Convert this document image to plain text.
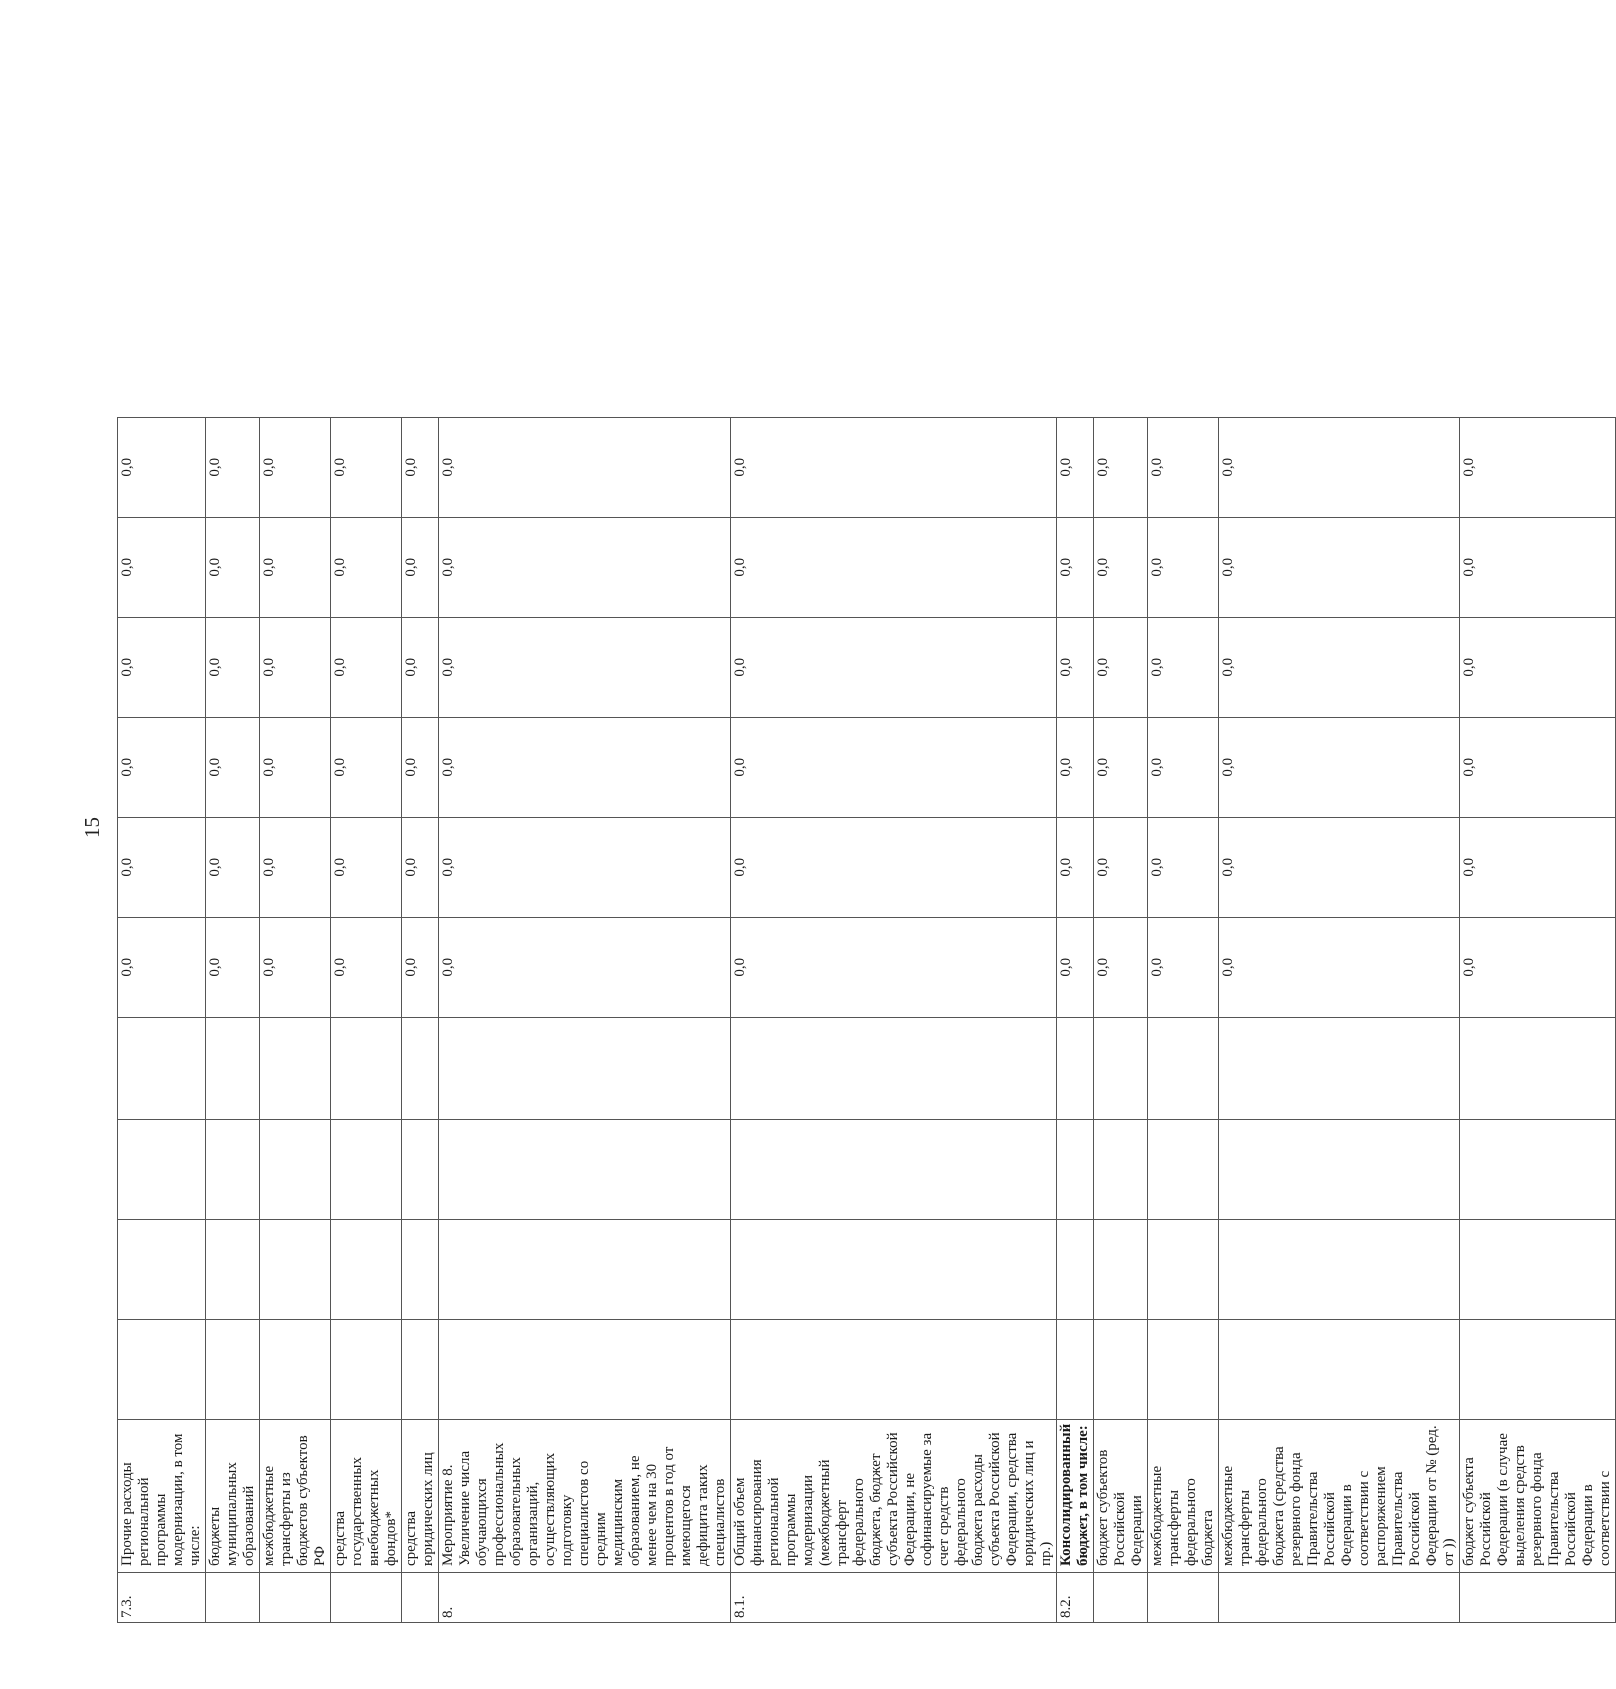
15
7.3.	Прочие расходы региональной программы модернизации, в том числе:					0,0	0,0	0,0	0,0	0,0	0,0
	бюджеты муниципальных образований					0,0	0,0	0,0	0,0	0,0	0,0
	межбюджетные трансферты из бюджетов субъектов РФ					0,0	0,0	0,0	0,0	0,0	0,0
	средства государственных внебюджетных фондов*					0,0	0,0	0,0	0,0	0,0	0,0
	средства юридических лиц					0,0	0,0	0,0	0,0	0,0	0,0
8.	Мероприятие 8. Увеличение числа обучающихся профессиональных образовательных организаций, осуществляющих подготовку специалистов со средним медицинским образованием, не менее чем на 30 процентов в год от имеющегося дефицита таких специалистов					0,0	0,0	0,0	0,0	0,0	0,0
8.1.	Общий объем финансирования региональной программы модернизации (межбюджетный трансферт федерального бюджета, бюджет субъекта Российской Федерации, не софинансируемые за счет средств федерального бюджета расходы субъекта Российской Федерации, средства юридических лиц и пр.)					0,0	0,0	0,0	0,0	0,0	0,0
8.2.	Консолидированный бюджет, в том числе:					0,0	0,0	0,0	0,0	0,0	0,0
	бюджет субъектов Российской Федерации					0,0	0,0	0,0	0,0	0,0	0,0
	межбюджетные трансферты федерального бюджета					0,0	0,0	0,0	0,0	0,0	0,0
	межбюджетные трансферты федерального бюджета (средства резервного фонда Правительства Российской Федерации в соответствии с распоряжением Правительства Российской Федерации от № (ред. от ))					0,0	0,0	0,0	0,0	0,0	0,0
	бюджет субъекта Российской Федерации (в случае выделения средств резервного фонда Правительства Российской Федерации в соответствии с					0,0	0,0	0,0	0,0	0,0	0,0
